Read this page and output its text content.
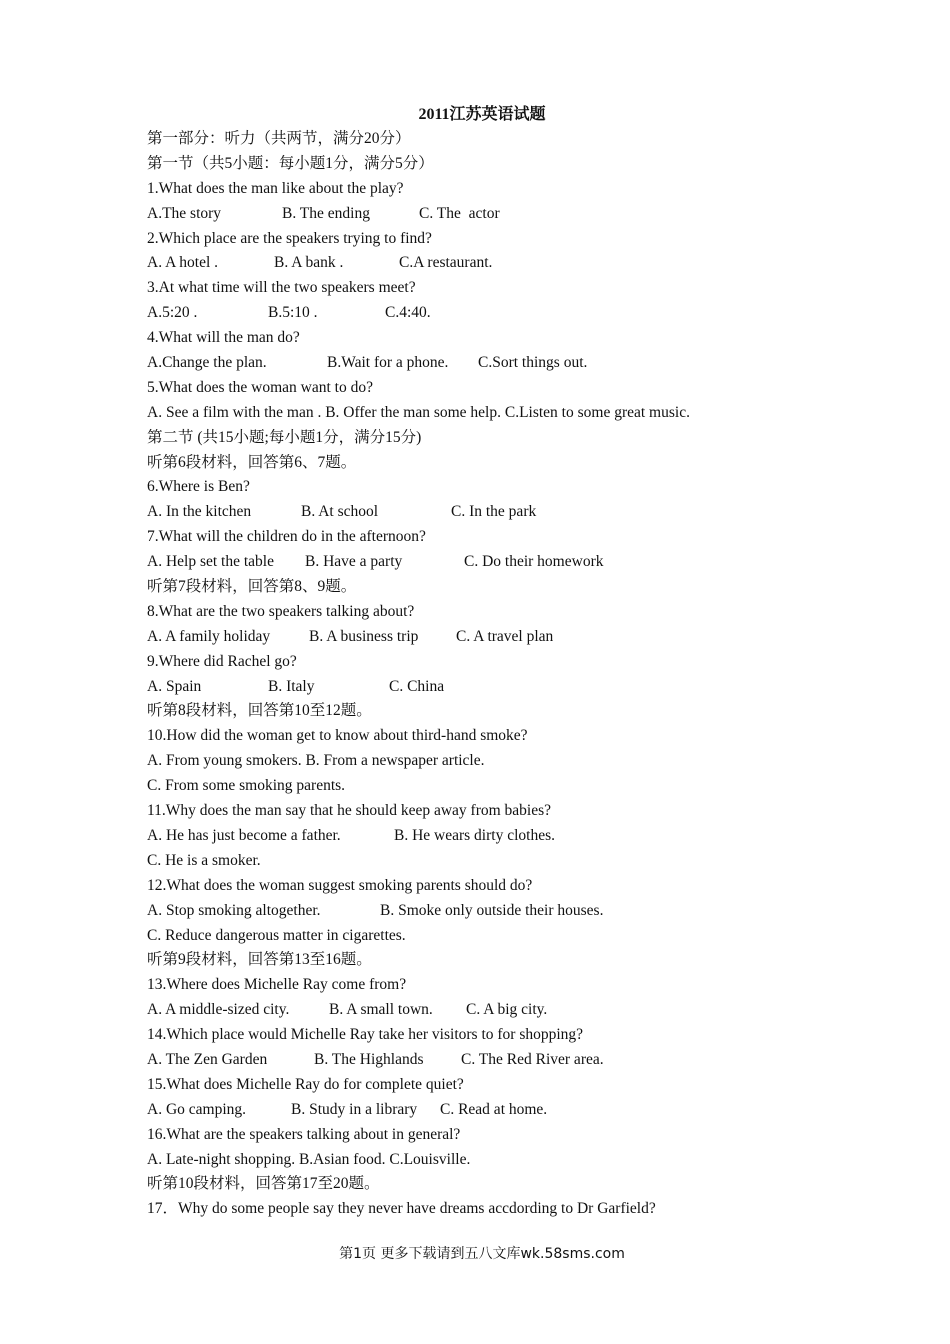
2011江苏英语试题
第一部分：听力（共两节，满分20分）
第一节（共5小题：每小题1分，满分5分）
1.What does the man like about the play?
A.The story	B. The ending	C. The  actor
2.Which place are the speakers trying to find?
A. A hotel .	B. A bank .	C.A restaurant.
3.At what time will the two speakers meet?
A.5:20 .	B.5:10 .	C.4:40.
4.What will the man do?
A.Change the plan.	B.Wait for a phone.	C.Sort things out.
5.What does the woman want to do?
A. See a film with the man . B. Offer the man some help. C.Listen to some great music.
第二节 (共15小题;每小题1分，满分15分)
听第6段材料，回答第6、7题。
6.Where is Ben?
A. In the kitchen	B. At school	C. In the park
7.What will the children do in the afternoon?
A. Help set the table	B. Have a party	C. Do their homework
听第7段材料，回答第8、9题。
8.What are the two speakers talking about?
A. A family holiday	B. A business trip	C. A travel plan
9.Where did Rachel go?
A. Spain	B. Italy	C. China
听第8段材料，回答第10至12题。
10.How did the woman get to know about third-hand smoke?
A. From young smokers. B. From a newspaper article.
C. From some smoking parents.
11.Why does the man say that he should keep away from babies?
A. He has just become a father.	B. He wears dirty clothes.
C. He is a smoker.
12.What does the woman suggest smoking parents should do?
A. Stop smoking altogether.	B. Smoke only outside their houses.
C. Reduce dangerous matter in cigarettes.
听第9段材料，回答第13至16题。
13.Where does Michelle Ray come from?
A. A middle-sized city.	B. A small town.	C. A big city.
14.Which place would Michelle Ray take her visitors to for shopping?
A. The Zen Garden	B. The Highlands	C. The Red River area.
15.What does Michelle Ray do for complete quiet?
A. Go camping.	B. Study in a library	C. Read at home.
16.What are the speakers talking about in general?
A. Late-night shopping. B.Asian food. C.Louisville.
听第10段材料，回答第17至20题。
17．Why do some people say they never have dreams accdording to Dr Garfield?
第1页 更多下载请到五八文库wk.58sms.com
